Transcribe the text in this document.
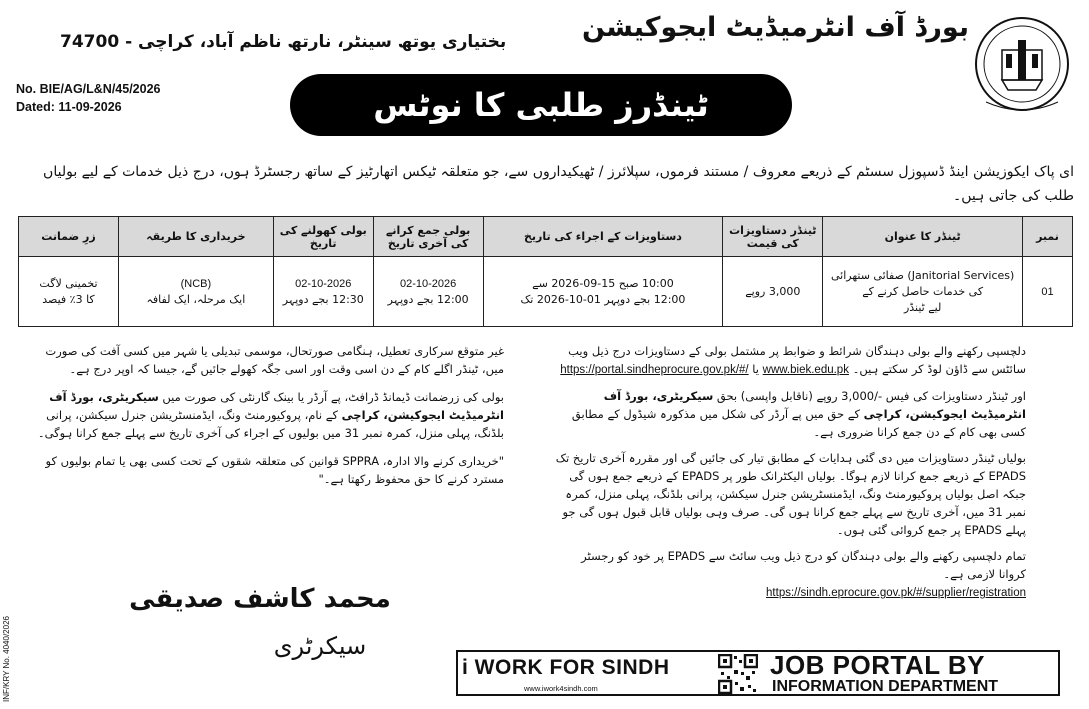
بورڈ آف انٹرمیڈیٹ ایجوکیشن
بختیاری یوتھ سینٹر، نارتھ ناظم آباد، کراچی - 74700
No. BIE/AG/L&N/45/2026
Dated: 11-09-2026	ٹینڈرز طلبی کا نوٹس
ای پاک ایکوزیشن اینڈ ڈسپوزل سسٹم کے ذریعے معروف / مستند فرموں، سپلائرز / ٹھیکیداروں سے، جو متعلقہ ٹیکس اتھارٹیز کے ساتھ رجسٹرڈ ہوں، درج ذیل خدمات کے لیے بولیاں طلب کی جاتی ہیں۔
نمبر	ٹینڈر کا عنوان	ٹینڈر دستاویزات کی قیمت	دستاویزات کے اجراء کی تاریخ	بولی جمع کرانے کی آخری تاریخ	بولی کھولنے کی تاریخ	خریداری کا طریقہ	زرِ ضمانت

01	(Janitorial Services) صفائی ستھرائی
کی خدمات حاصل کرنے کے
لیے ٹینڈر	3,000 روپے	10:00 صبح 15-09-2026 سے
12:00 بجے دوپہر 01-10-2026 تک	02-10-2026
12:00 بجے دوپہر	02-10-2026
12:30 بجے دوپہر	(NCB)
ایک مرحلہ، ایک لفافہ	تخمینی لاگت
کا 3٪ فیصد

دلچسپی رکھنے والے بولی دہندگان شرائط و ضوابط پر مشتمل بولی کے دستاویزات درج ذیل ویب سائٹس سے ڈاؤن لوڈ کر سکتے ہیں۔ www.biek.edu.pk یا https://portal.sindheprocure.gov.pk/#/

اور ٹینڈر دستاویزات کی فیس -/3,000 روپے (ناقابل واپسی) بحق سیکریٹری، بورڈ آف انٹرمیڈیٹ ایجوکیشن، کراچی کے حق میں پے آرڈر کی شکل میں مذکورہ شیڈول کے مطابق کسی بھی کام کے دن جمع کرانا ضروری ہے۔

بولیاں ٹینڈر دستاویزات میں دی گئی ہدایات کے مطابق تیار کی جائیں گی اور مقررہ آخری تاریخ تک EPADS کے ذریعے جمع کرانا لازم ہوگا۔ بولیاں الیکٹرانک طور پر EPADS کے ذریعے جمع ہوں گی جبکہ اصل بولیاں پروکیورمنٹ ونگ، ایڈمنسٹریشن جنرل سیکشن، پرانی بلڈنگ، پہلی منزل، کمرہ نمبر 31 میں، آخری تاریخ سے پہلے جمع کرانا ہوں گی۔ صرف وہی بولیاں قابل قبول ہوں گی جو پہلے EPADS پر جمع کروائی گئی ہوں۔

تمام دلچسپی رکھنے والے بولی دہندگان کو درج ذیل ویب سائٹ سے EPADS پر خود کو رجسٹر کروانا لازمی ہے۔
https://sindh.eprocure.gov.pk/#/supplier/registration

غیر متوقع سرکاری تعطیل، ہنگامی صورتحال، موسمی تبدیلی یا شہر میں کسی آفت کی صورت میں، ٹینڈر اگلے کام کے دن اسی وقت اور اسی جگہ کھولے جائیں گے، جیسا کہ اوپر درج ہے۔

بولی کی زرضمانت ڈیمانڈ ڈرافٹ، پے آرڈر یا بینک گارنٹی کی صورت میں سیکریٹری، بورڈ آف انٹرمیڈیٹ ایجوکیشن، کراچی کے نام، پروکیورمنٹ ونگ، ایڈمنسٹریشن جنرل سیکشن، پرانی بلڈنگ، پہلی منزل، کمرہ نمبر 31 میں بولیوں کے اجراء کی آخری تاریخ سے پہلے جمع کرانا ہوگی۔

"خریداری کرنے والا ادارہ، SPPRA قوانین کی متعلقہ شقوں کے تحت کسی بھی یا تمام بولیوں کو مسترد کرنے کا حق محفوظ رکھتا ہے۔"

محمد کاشف صدیقی
سیکرٹری
INF/KRY No. 4040/2026	i WORK FOR SINDH
www.iwork4sindh.com
JOB PORTAL BY
INFORMATION DEPARTMENT
